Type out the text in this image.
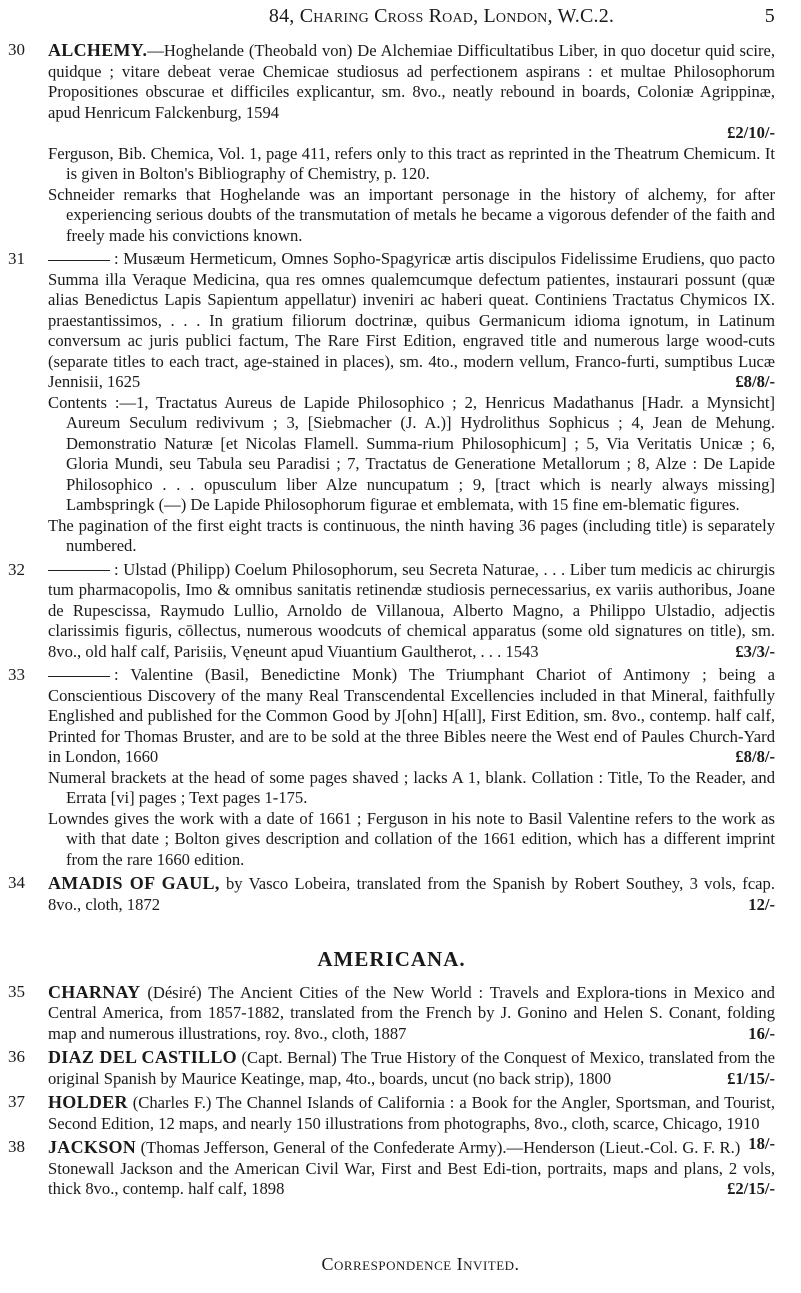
84, Charing Cross Road, London, W.C.2.	5
30	ALCHEMY.—Hoghelande (Theobald von) De Alchemiae Difficultatibus Liber, in quo docetur quid scire, quidque ; vitare debeat verae Chemicae studiosus ad perfectionem aspirans : et multae Philosophorum Propositiones obscurae et difficiles explicantur, sm. 8vo., neatly rebound in boards, Coloniæ Agrippinæ, apud Henricum Falckenburg, 1594

£2/10/-

Ferguson, Bib. Chemica, Vol. 1, page 411, refers only to this tract as reprinted in the Theatrum Chemicum. It is given in Bolton's Bibliography of Chemistry, p. 120.

Schneider remarks that Hoghelande was an important personage in the history of alchemy, for after experiencing serious doubts of the transmutation of metals he became a vigorous defender of the faith and freely made his convictions known.

31	: Musæum Hermeticum, Omnes Sopho-Spagyricæ artis discipulos Fidelissime Erudiens, quo pacto Summa illa Veraque Medicina, qua res omnes qualemcumque defectum patientes, instaurari possunt (quæ alias Benedictus Lapis Sapientum appellatur) inveniri ac haberi queat. Continiens Tractatus Chymicos IX. praestantissimos, . . . In gratium filiorum doctrinæ, quibus Germanicum idioma ignotum, in Latinum conversum ac juris publici factum, The Rare First Edition, engraved title and numerous large wood-cuts (separate titles to each tract, age-stained in places), sm. 4to., modern vellum, Franco-furti, sumptibus Lucæ Jennisii, 1625	£8/8/-

Contents :—1, Tractatus Aureus de Lapide Philosophico ; 2, Henricus Madathanus [Hadr. a Mynsicht] Aureum Seculum redivivum ; 3, [Siebmacher (J. A.)] Hydrolithus Sophicus ; 4, Jean de Mehung. Demonstratio Naturæ [et Nicolas Flamell. Summa-rium Philosophicum] ; 5, Via Veritatis Unicæ ; 6, Gloria Mundi, seu Tabula seu Paradisi ; 7, Tractatus de Generatione Metallorum ; 8, Alze : De Lapide Philosophico . . . opusculum liber Alze nuncupatum ; 9, [tract which is nearly always missing] Lambspringk (—) De Lapide Philosophorum figurae et emblemata, with 15 fine em-blematic figures.

The pagination of the first eight tracts is continuous, the ninth having 36 pages (including title) is separately numbered.

32	: Ulstad (Philipp) Coelum Philosophorum, seu Secreta Naturae, . . . Liber tum medicis ac chirurgis tum pharmacopolis, Imo & omnibus sanitatis retinendæ studiosis pernecessarius, ex variis authoribus, Joane de Rupescissa, Raymudo Lullio, Arnoldo de Villanoua, Alberto Magno, a Philippo Ulstadio, adjectis clarissimis figuris, cōllectus, numerous woodcuts of chemical apparatus (some old signatures on title), sm. 8vo., old half calf, Parisiis, Vęneunt apud Viuantium Gaultherot, . . . 1543	£3/3/-

33	: Valentine (Basil, Benedictine Monk) The Triumphant Chariot of Antimony ; being a Conscientious Discovery of the many Real Transcendental Excellencies included in that Mineral, faithfully Englished and published for the Common Good by J[ohn] H[all], First Edition, sm. 8vo., contemp. half calf, Printed for Thomas Bruster, and are to be sold at the three Bibles neere the West end of Paules Church-Yard in London, 1660	£8/8/-

Numeral brackets at the head of some pages shaved ; lacks A 1, blank. Collation : Title, To the Reader, and Errata [vi] pages ; Text pages 1-175.

Lowndes gives the work with a date of 1661 ; Ferguson in his note to Basil Valentine refers to the work as with that date ; Bolton gives description and collation of the 1661 edition, which has a different imprint from the rare 1660 edition.

34	AMADIS OF GAUL, by Vasco Lobeira, translated from the Spanish by Robert Southey, 3 vols, fcap. 8vo., cloth, 1872	12/-

AMERICANA.
35	CHARNAY (Désiré) The Ancient Cities of the New World : Travels and Explora-tions in Mexico and Central America, from 1857-1882, translated from the French by J. Gonino and Helen S. Conant, folding map and numerous illustrations, roy. 8vo., cloth, 1887	16/-

36	DIAZ DEL CASTILLO (Capt. Bernal) The True History of the Conquest of Mexico, translated from the original Spanish by Maurice Keatinge, map, 4to., boards, uncut (no back strip), 1800	£1/15/-

37	HOLDER (Charles F.) The Channel Islands of California : a Book for the Angler, Sportsman, and Tourist, Second Edition, 12 maps, and nearly 150 illustrations from photographs, 8vo., cloth, scarce, Chicago, 1910
18/-

38	JACKSON (Thomas Jefferson, General of the Confederate Army).—Henderson (Lieut.-Col. G. F. R.) Stonewall Jackson and the American Civil War, First and Best Edi-tion, portraits, maps and plans, 2 vols, thick 8vo., contemp. half calf, 1898	£2/15/-

Correspondence Invited.
